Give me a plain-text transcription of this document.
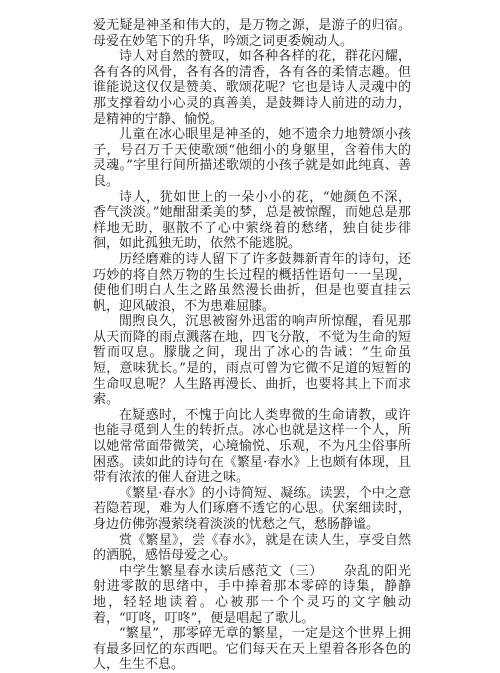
爱无疑是神圣和伟大的，是万物之源，是游子的归宿。母爱在妙笔下的升华，吟颂之词更委婉动人。

诗人对自然的赞叹，如各种各样的花，群花闪耀，各有各的风骨，各有各的清香，各有各的柔情志趣。但谁能说这仅仅是赞美、歌颂花呢？它也是诗人灵魂中的那支撑着幼小心灵的真善美，是鼓舞诗人前进的动力，是精神的宁静、愉悦。

儿童在冰心眼里是神圣的，她不遗余力地赞颂小孩子，号召万千天使歌颂“他细小的身躯里，含着伟大的灵魂。”字里行间所描述歌颂的小孩子就是如此纯真、善良。

诗人，犹如世上的一朵小小的花，“她颜色不深，香气淡淡。”她酣甜柔美的梦，总是被惊醒，而她总是那样地无助，驱散不了心中萦绕着的愁绪，独自徒步徘徊，如此孤独无助，依然不能逃脱。

历经磨难的诗人留下了许多鼓舞新青年的诗句，还巧妙的将自然万物的生长过程的概括性语句一一呈现，使他们明白人生之路虽然漫长曲折，但是也要直挂云帆，迎风破浪，不为患难屈膝。

閒煦良久，沉思被窗外迅雷的响声所惊醒，看见那从天而降的雨点溅落在地，四飞分散，不觉为生命的短暂而叹息。朦胧之间，现出了冰心的告诫：“生命虽短，意味犹长。”是的，雨点可曾为它微不足道的短暂的生命叹息呢？人生路再漫长、曲折，也要将其上下而求索。

在疑惑时，不愧于向比人类卑微的生命请教，或许也能寻觅到人生的转折点。冰心也就是这样一个人，所以她常常面带微笑，心境愉悦、乐观，不为凡尘俗事所困惑。读如此的诗句在《繁星·春水》上也颇有体现，且带有浓浓的催人奋进之味。

《繁星·春水》的小诗简短、凝练。读罢，个中之意若隐若现，难为人们琢磨不透它的心思。伏案细读时，身边仿佛弥漫萦绕着淡淡的忧愁之气，愁肠静谧。

赏《繁星》，尝《春水》，就是在读人生，享受自然的洒脱，感悟母爱之心。

中学生繁星春水读后感范文（三）　　杂乱的阳光射进零散的思绪中，手中捧着那本零碎的诗集，静静地，轻轻地读着。心被那一个个灵巧的文字触动着，“叮咚，叮咚”，便是唱起了歌儿。

“繁星”，那零碎无章的繁星，一定是这个世界上拥有最多回忆的东西吧。它们每天在天上望着各形各色的人，生生不息。
